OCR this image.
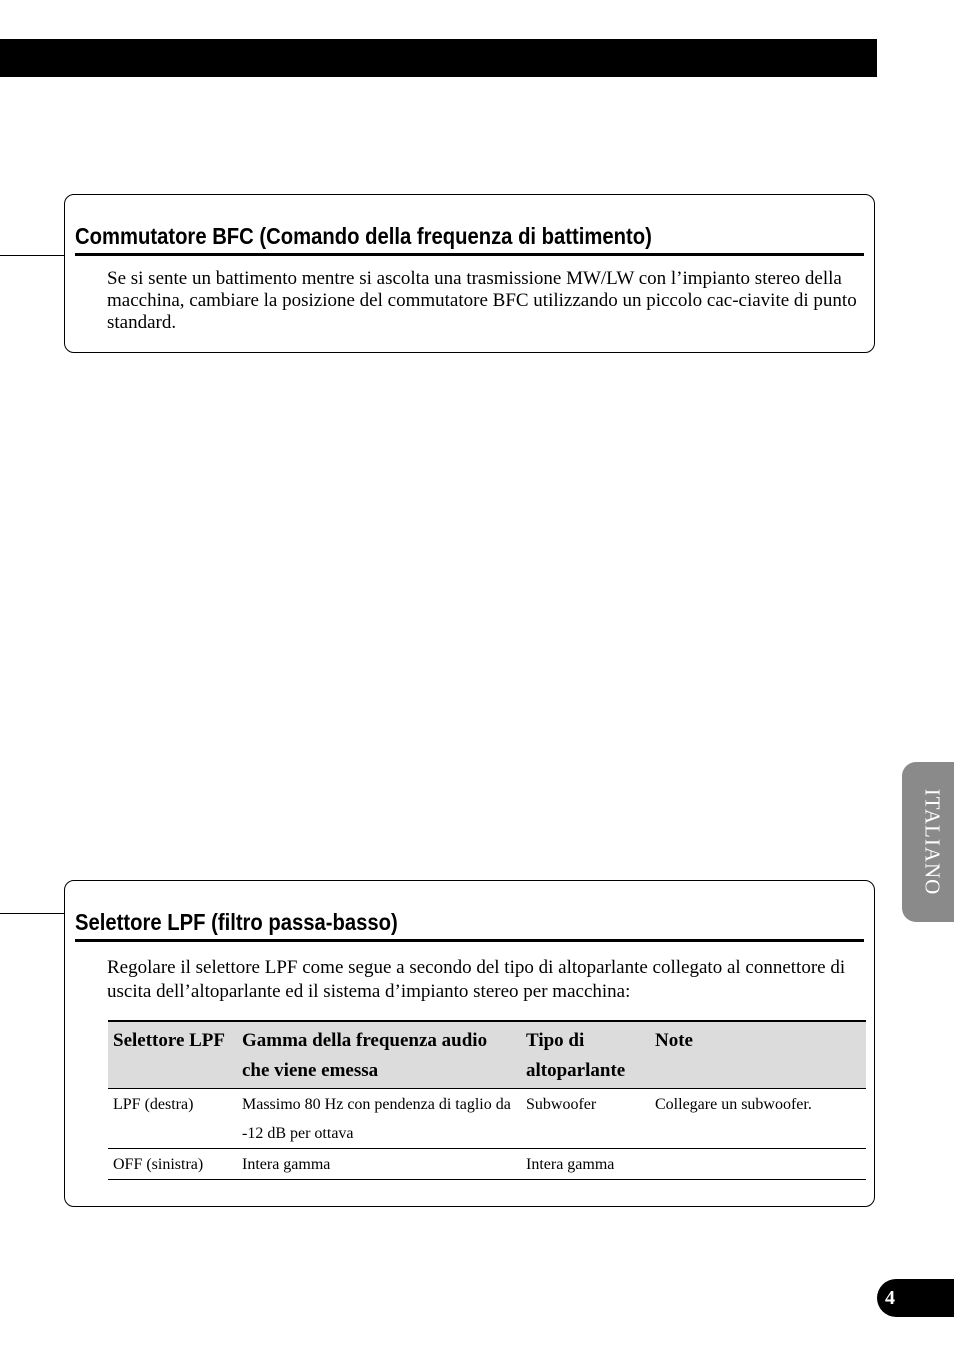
Commutatore BFC (Comando della frequenza di battimento)

Se si sente un battimento mentre si ascolta una trasmissione MW/LW con l’impianto stereo della macchina, cambiare la posizione del commutatore BFC utilizzando un piccolo cac-ciavite di punto standard.

Selettore LPF (filtro passa-basso)

Regolare il selettore LPF come segue a secondo del tipo di altoparlante collegato al connettore di uscita dell’altoparlante ed il sistema d’impianto stereo per macchina:

Selettore LPF	Gamma della frequenza audio che viene emessa	Tipo di altoparlante	Note
LPF (destra)	Massimo 80 Hz con pendenza di taglio da -12 dB per ottava	Subwoofer	Collegare un subwoofer.
OFF (sinistra)	Intera gamma	Intera gamma	
ITALIANO
4
